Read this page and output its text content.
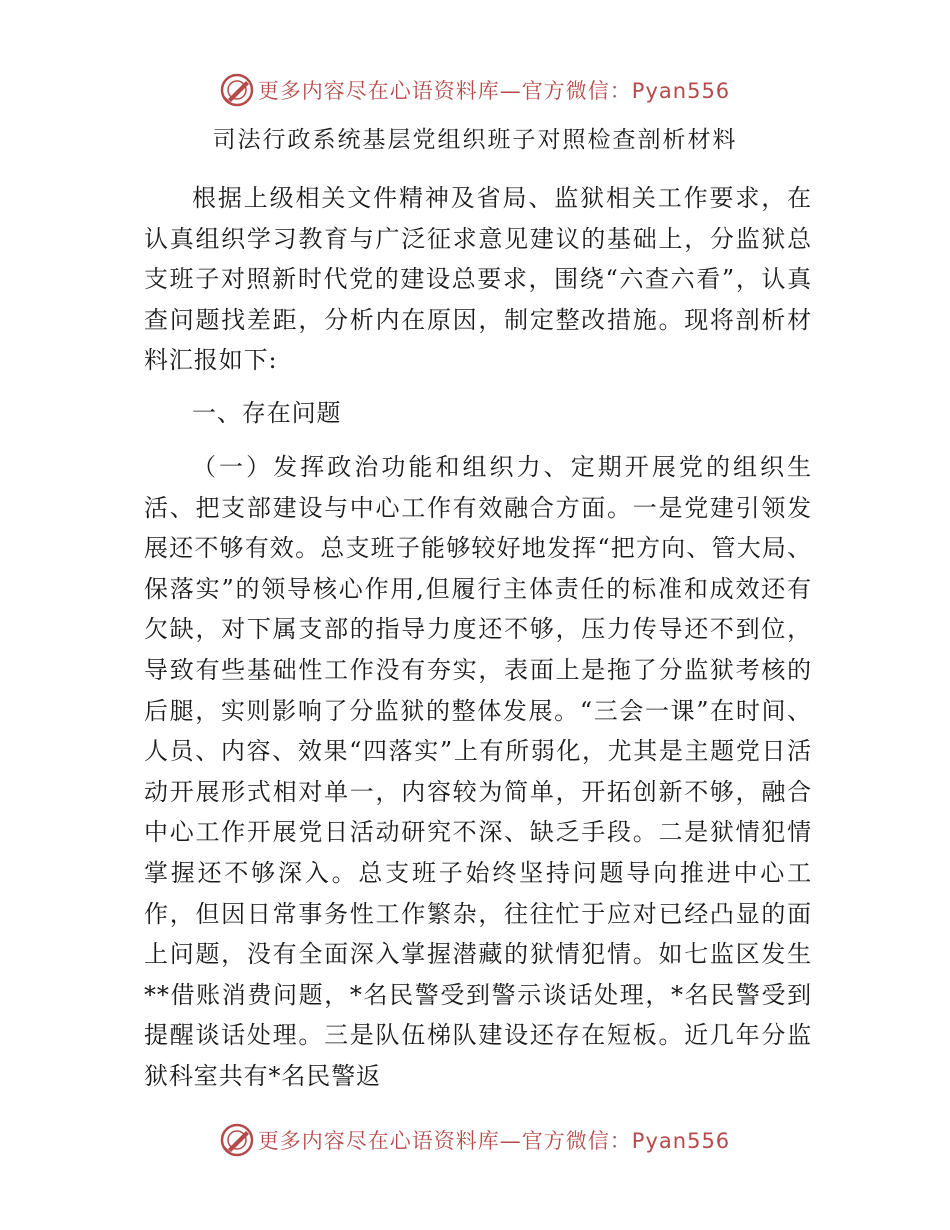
更多内容尽在心语资料库—官方微信：Pyan556
司法行政系统基层党组织班子对照检查剖析材料

根据上级相关文件精神及省局、监狱相关工作要求，在认真组织学习教育与广泛征求意见建议的基础上，分监狱总支班子对照新时代党的建设总要求，围绕“六查六看”，认真查问题找差距，分析内在原因，制定整改措施。现将剖析材料汇报如下:

一、存在问题

（一）发挥政治功能和组织力、定期开展党的组织生活、把支部建设与中心工作有效融合方面。一是党建引领发展还不够有效。总支班子能够较好地发挥“把方向、管大局、保落实”的领导核心作用,但履行主体责任的标准和成效还有欠缺，对下属支部的指导力度还不够，压力传导还不到位，导致有些基础性工作没有夯实，表面上是拖了分监狱考核的后腿，实则影响了分监狱的整体发展。“三会一课”在时间、人员、内容、效果“四落实”上有所弱化，尤其是主题党日活动开展形式相对单一，内容较为简单，开拓创新不够，融合中心工作开展党日活动研究不深、缺乏手段。二是狱情犯情掌握还不够深入。总支班子始终坚持问题导向推进中心工作，但因日常事务性工作繁杂，往往忙于应对已经凸显的面上问题，没有全面深入掌握潜藏的狱情犯情。如七监区发生**借账消费问题，*名民警受到警示谈话处理，*名民警受到提醒谈话处理。三是队伍梯队建设还存在短板。近几年分监狱科室共有*名民警返

更多内容尽在心语资料库—官方微信：Pyan556
